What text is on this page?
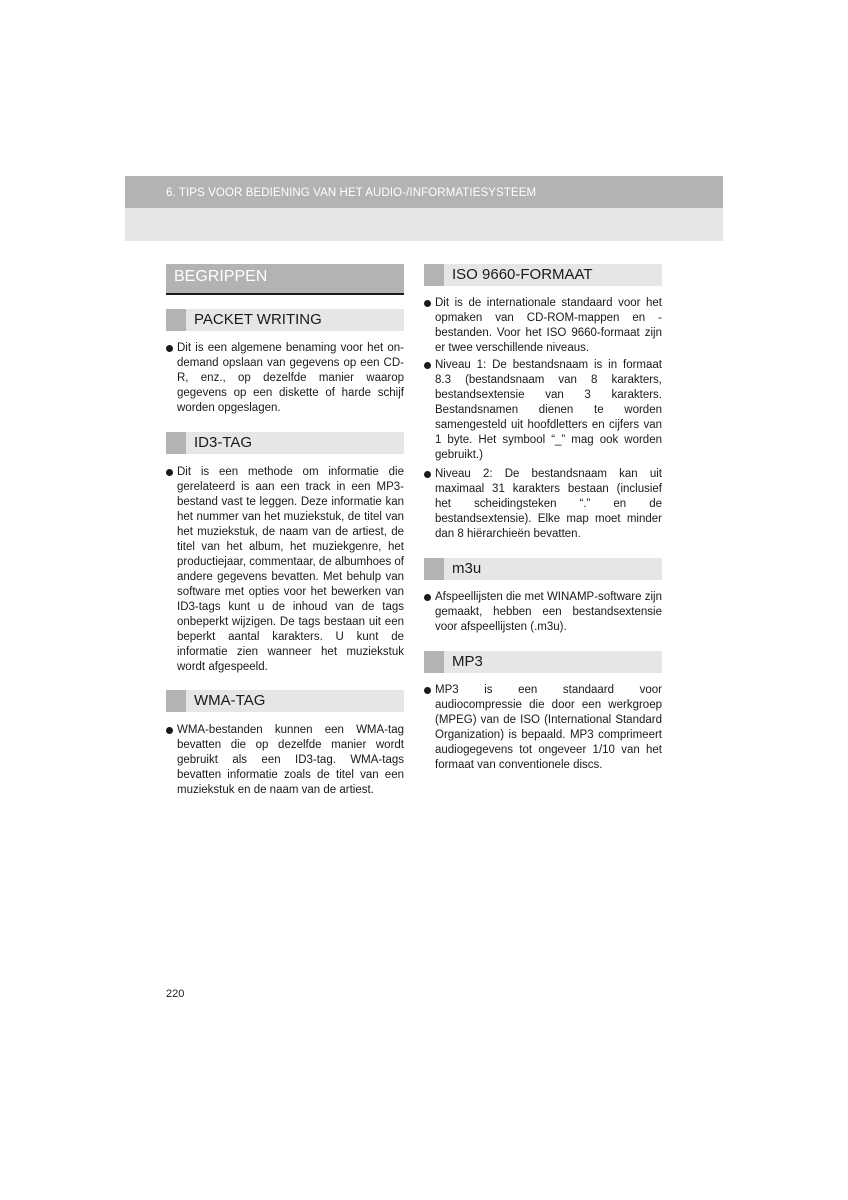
6. TIPS VOOR BEDIENING VAN HET AUDIO-/INFORMATIESYSTEEM
BEGRIPPEN
PACKET WRITING
Dit is een algemene benaming voor het on-demand opslaan van gegevens op een CD-R, enz., op dezelfde manier waarop gegevens op een diskette of harde schijf worden opgeslagen.
ID3-TAG
Dit is een methode om informatie die gerelateerd is aan een track in een MP3-bestand vast te leggen. Deze informatie kan het nummer van het muziekstuk, de titel van het muziekstuk, de naam van de artiest, de titel van het album, het muziekgenre, het productiejaar, commentaar, de albumhoes of andere gegevens bevatten. Met behulp van software met opties voor het bewerken van ID3-tags kunt u de inhoud van de tags onbeperkt wijzigen. De tags bestaan uit een beperkt aantal karakters. U kunt de informatie zien wanneer het muziekstuk wordt afgespeeld.
WMA-TAG
WMA-bestanden kunnen een WMA-tag bevatten die op dezelfde manier wordt gebruikt als een ID3-tag. WMA-tags bevatten informatie zoals de titel van een muziekstuk en de naam van de artiest.
ISO 9660-FORMAAT
Dit is de internationale standaard voor het opmaken van CD-ROM-mappen en -bestanden. Voor het ISO 9660-formaat zijn er twee verschillende niveaus.
Niveau 1: De bestandsnaam is in formaat 8.3 (bestandsnaam van 8 karakters, bestandsextensie van 3 karakters. Bestandsnamen dienen te worden samengesteld uit hoofdletters en cijfers van 1 byte. Het symbool “_” mag ook worden gebruikt.)
Niveau 2: De bestandsnaam kan uit maximaal 31 karakters bestaan (inclusief het scheidingsteken “.” en de bestandsextensie). Elke map moet minder dan 8 hiërarchieën bevatten.
m3u
Afspeellijsten die met WINAMP-software zijn gemaakt, hebben een bestandsextensie voor afspeellijsten (.m3u).
MP3
MP3 is een standaard voor audiocompressie die door een werkgroep (MPEG) van de ISO (International Standard Organization) is bepaald. MP3 comprimeert audiogegevens tot ongeveer 1/10 van het formaat van conventionele discs.
220
